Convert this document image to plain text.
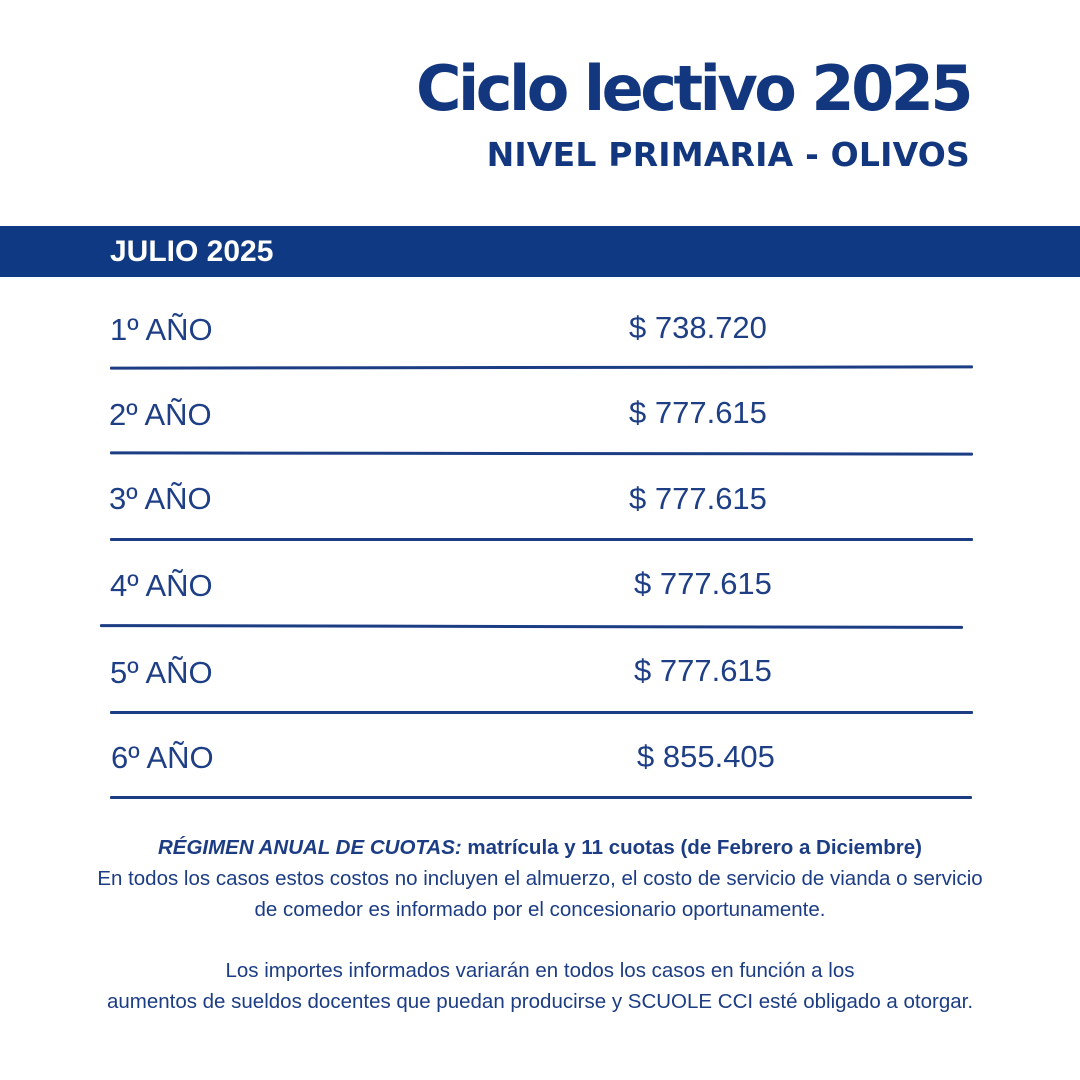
Ciclo lectivo 2025
NIVEL PRIMARIA - OLIVOS
JULIO 2025
1º AÑO	$ 738.720
2º AÑO	$ 777.615
3º AÑO	$ 777.615
4º AÑO	$ 777.615
5º AÑO	$ 777.615
6º AÑO	$ 855.405

RÉGIMEN ANUAL DE CUOTAS: matrícula y 11 cuotas (de Febrero a Diciembre)

En todos los casos estos costos no incluyen el almuerzo, el costo de servicio de vianda o servicio

de comedor es informado por el concesionario oportunamente.

Los importes informados variarán en todos los casos en función a los

aumentos de sueldos docentes que puedan producirse y SCUOLE CCI esté obligado a otorgar.
